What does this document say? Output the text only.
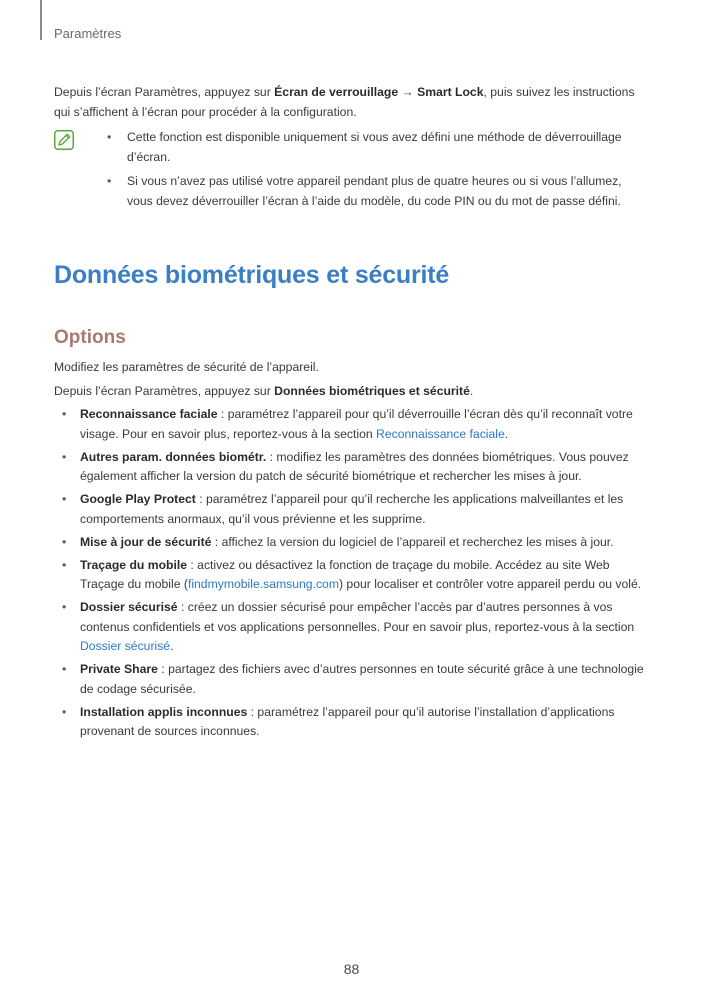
Paramètres

Depuis l’écran Paramètres, appuyez sur Écran de verrouillage → Smart Lock, puis suivez les instructions qui s’affichent à l’écran pour procéder à la configuration.

• Cette fonction est disponible uniquement si vous avez défini une méthode de déverrouillage d’écran.
• Si vous n’avez pas utilisé votre appareil pendant plus de quatre heures ou si vous l’allumez, vous devez déverrouiller l’écran à l’aide du modèle, du code PIN ou du mot de passe défini.
Données biométriques et sécurité
Options

Modifiez les paramètres de sécurité de l’appareil.

Depuis l’écran Paramètres, appuyez sur Données biométriques et sécurité.

• Reconnaissance faciale : paramétrez l’appareil pour qu’il déverrouille l’écran dès qu’il reconnaît votre visage. Pour en savoir plus, reportez-vous à la section Reconnaissance faciale.
• Autres param. données biométr. : modifiez les paramètres des données biométriques. Vous pouvez également afficher la version du patch de sécurité biométrique et rechercher les mises à jour.
• Google Play Protect : paramétrez l’appareil pour qu’il recherche les applications malveillantes et les comportements anormaux, qu’il vous prévienne et les supprime.
• Mise à jour de sécurité : affichez la version du logiciel de l’appareil et recherchez les mises à jour.
• Traçage du mobile : activez ou désactivez la fonction de traçage du mobile. Accédez au site Web Traçage du mobile (findmymobile.samsung.com) pour localiser et contrôler votre appareil perdu ou volé.
• Dossier sécurisé : créez un dossier sécurisé pour empêcher l’accès par d’autres personnes à vos contenus confidentiels et vos applications personnelles. Pour en savoir plus, reportez-vous à la section Dossier sécurisé.
• Private Share : partagez des fichiers avec d’autres personnes en toute sécurité grâce à une technologie de codage sécurisée.
• Installation applis inconnues : paramétrez l’appareil pour qu’il autorise l’installation d’applications provenant de sources inconnues.
88
